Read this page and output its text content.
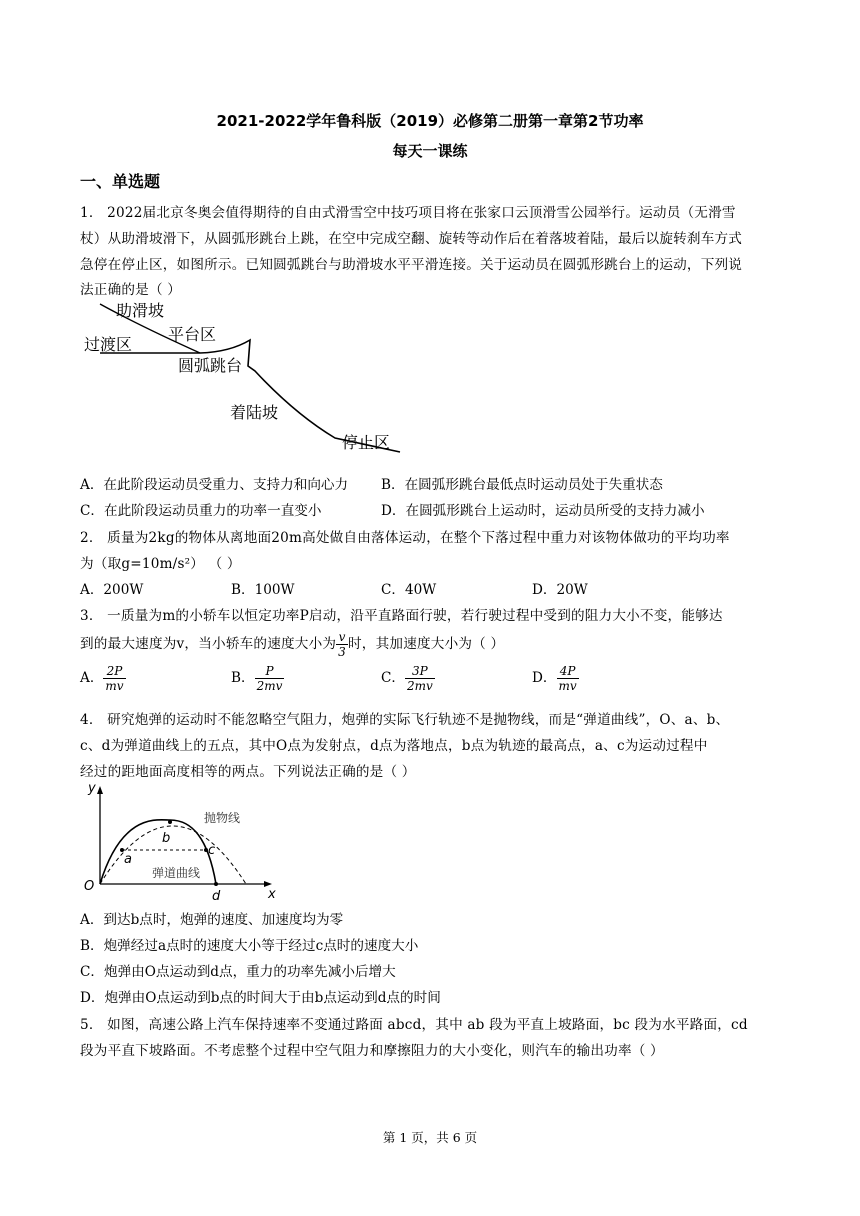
2021-2022学年鲁科版（2019）必修第二册第一章第2节功率
每天一课练
一、单选题
1． 2022届北京冬奥会值得期待的自由式滑雪空中技巧项目将在张家口云顶滑雪公园举行。运动员（无滑雪
杖）从助滑坡滑下，从圆弧形跳台上跳，在空中完成空翻、旋转等动作后在着落坡着陆，最后以旋转刹车方式
急停在停止区，如图所示。已知圆弧跳台与助滑坡水平平滑连接。关于运动员在圆弧形跳台上的运动，下列说
法正确的是（ ）
助滑坡
平台区
过渡区
圆弧跳台
着陆坡
停止区
A．在此阶段运动员受重力、支持力和向心力 B．在圆弧形跳台最低点时运动员处于失重状态
C．在此阶段运动员重力的功率一直变小	D．在圆弧形跳台上运动时，运动员所受的支持力减小
2． 质量为2kg的物体从离地面20m高处做自由落体运动，在整个下落过程中重力对该物体做功的平均功率
为（取g=10m/s²） （ ）
A．200W	B．100W	C．40W	D．20W
3． 一质量为m的小轿车以恒定功率P启动，沿平直路面行驶，若行驶过程中受到的阻力大小不变，能够达
到的最大速度为v，当小轿车的速度大小为 $\frac{v}{3}$ 时，其加速度大小为（ ）
A． $\frac{2P}{mv}$	B． $\frac{P}{2mv}$	C． $\frac{3P}{2mv}$	D． $\frac{4P}{mv}$
4． 研究炮弹的运动时不能忽略空气阻力，炮弹的实际飞行轨迹不是抛物线，而是“弹道曲线”，O、a、b、
c、d为弹道曲线上的五点，其中O点为发射点，d点为落地点，b点为轨迹的最高点，a、c为运动过程中
经过的距地面高度相等的两点。下列说法正确的是（ ）
y
x
O
a
b
c
d
抛物线
弹道曲线
A．到达b点时，炮弹的速度、加速度均为零
B．炮弹经过a点时的速度大小等于经过c点时的速度大小
C．炮弹由O点运动到d点，重力的功率先减小后增大
D．炮弹由O点运动到b点的时间大于由b点运动到d点的时间
5． 如图，高速公路上汽车保持速率不变通过路面 abcd，其中 ab 段为平直上坡路面，bc 段为水平路面，cd
段为平直下坡路面。不考虑整个过程中空气阻力和摩擦阻力的大小变化，则汽车的输出功率（ ）
第 1 页，共 6 页
